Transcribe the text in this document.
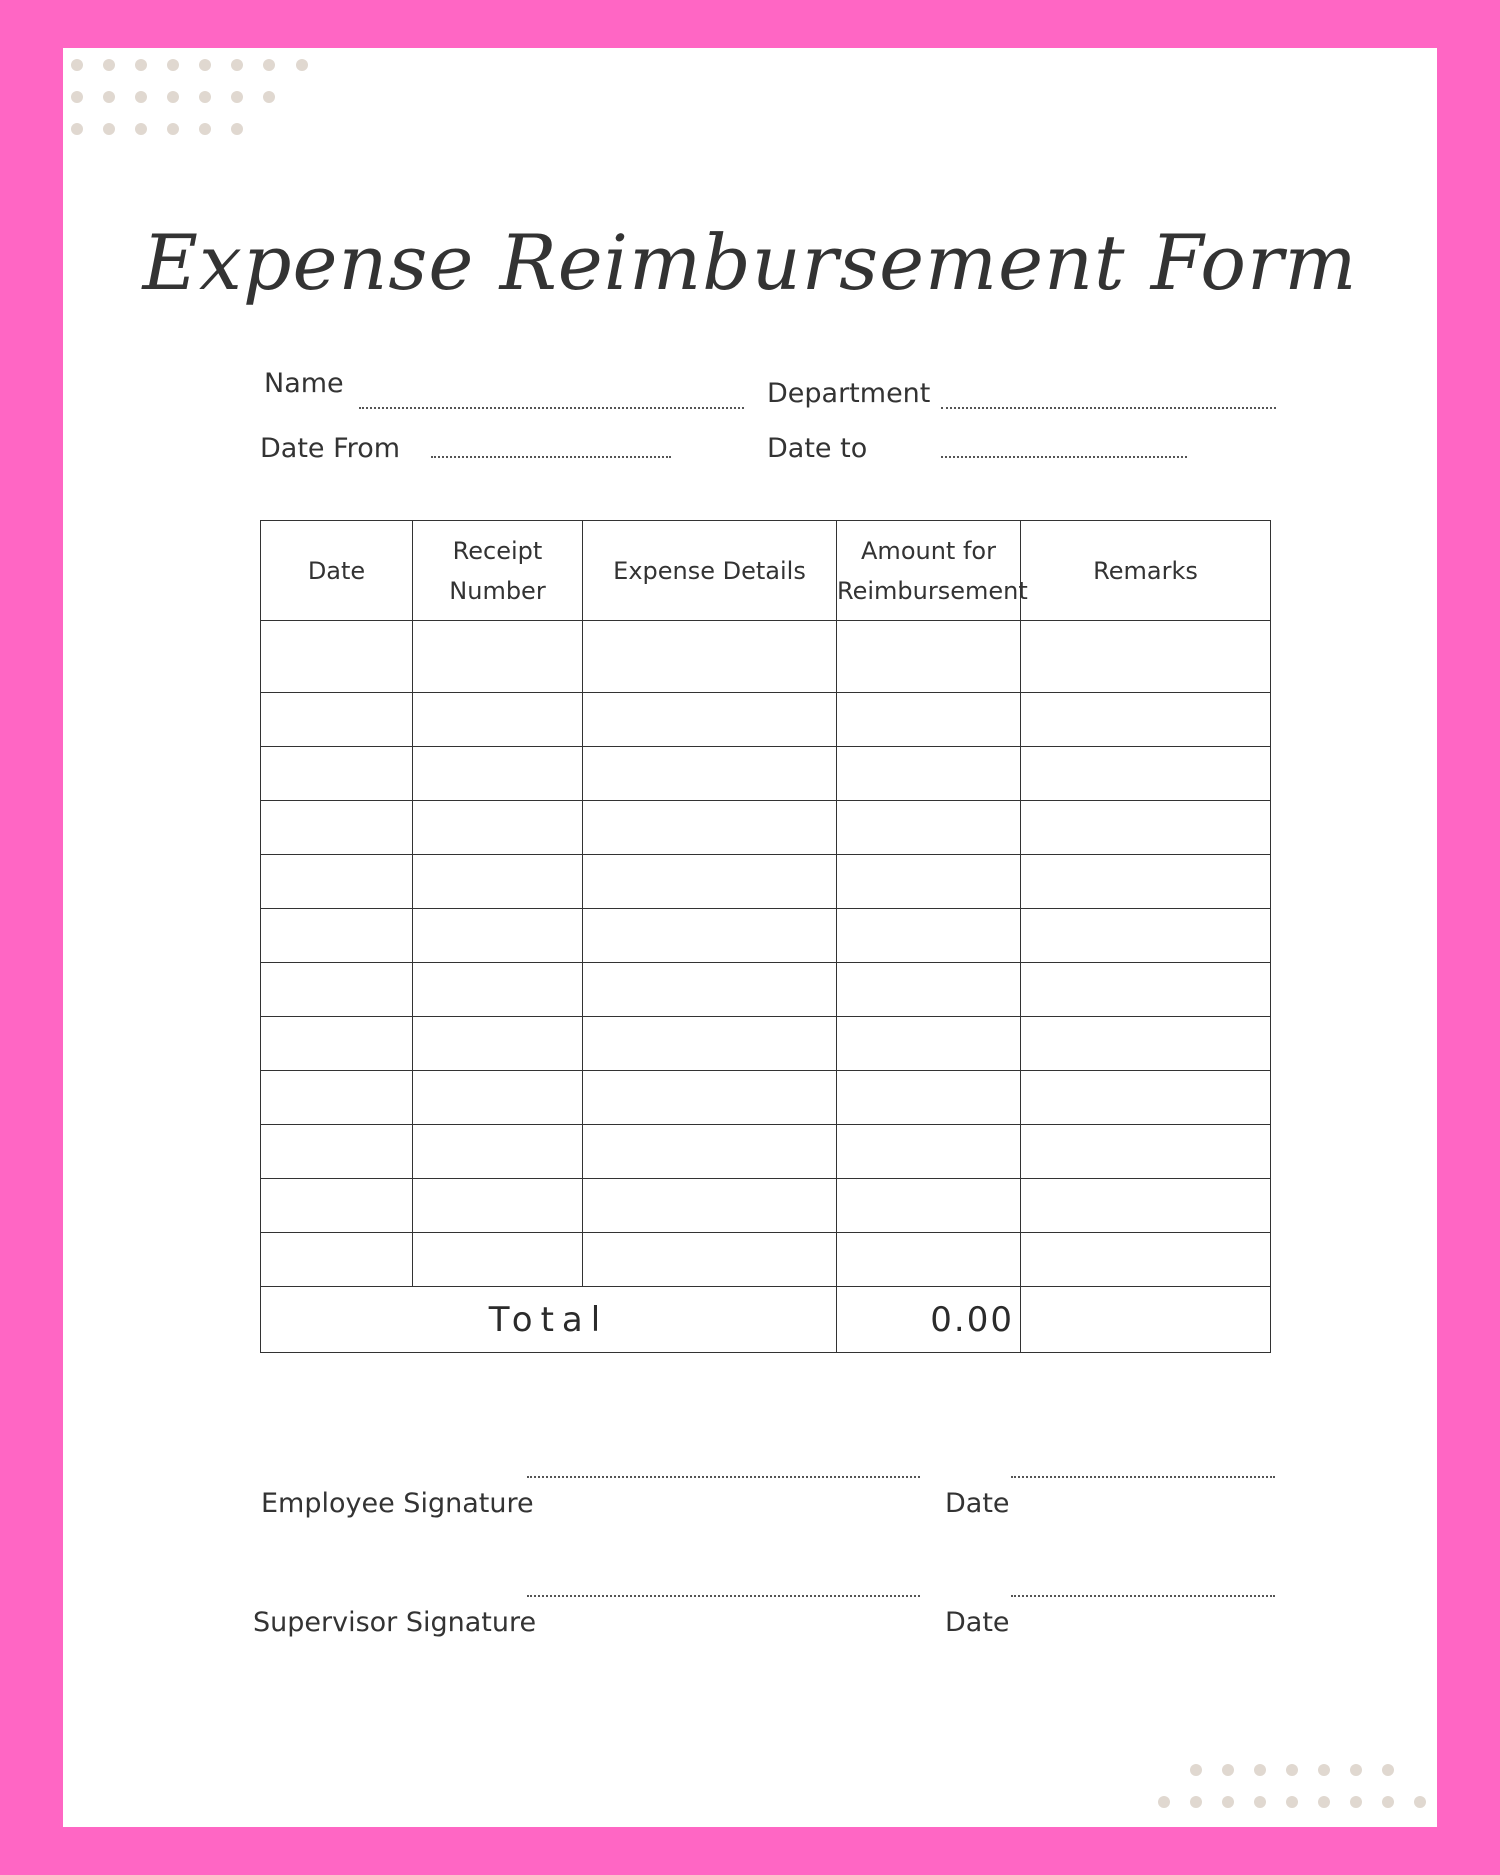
Expense Reimbursement Form
Name	Department
Date From	Date to
Date	Receipt Number	Expense Details	Amount for Reimbursement	Remarks

Total			0.00	
Employee Signature	Date
Supervisor Signature	Date
